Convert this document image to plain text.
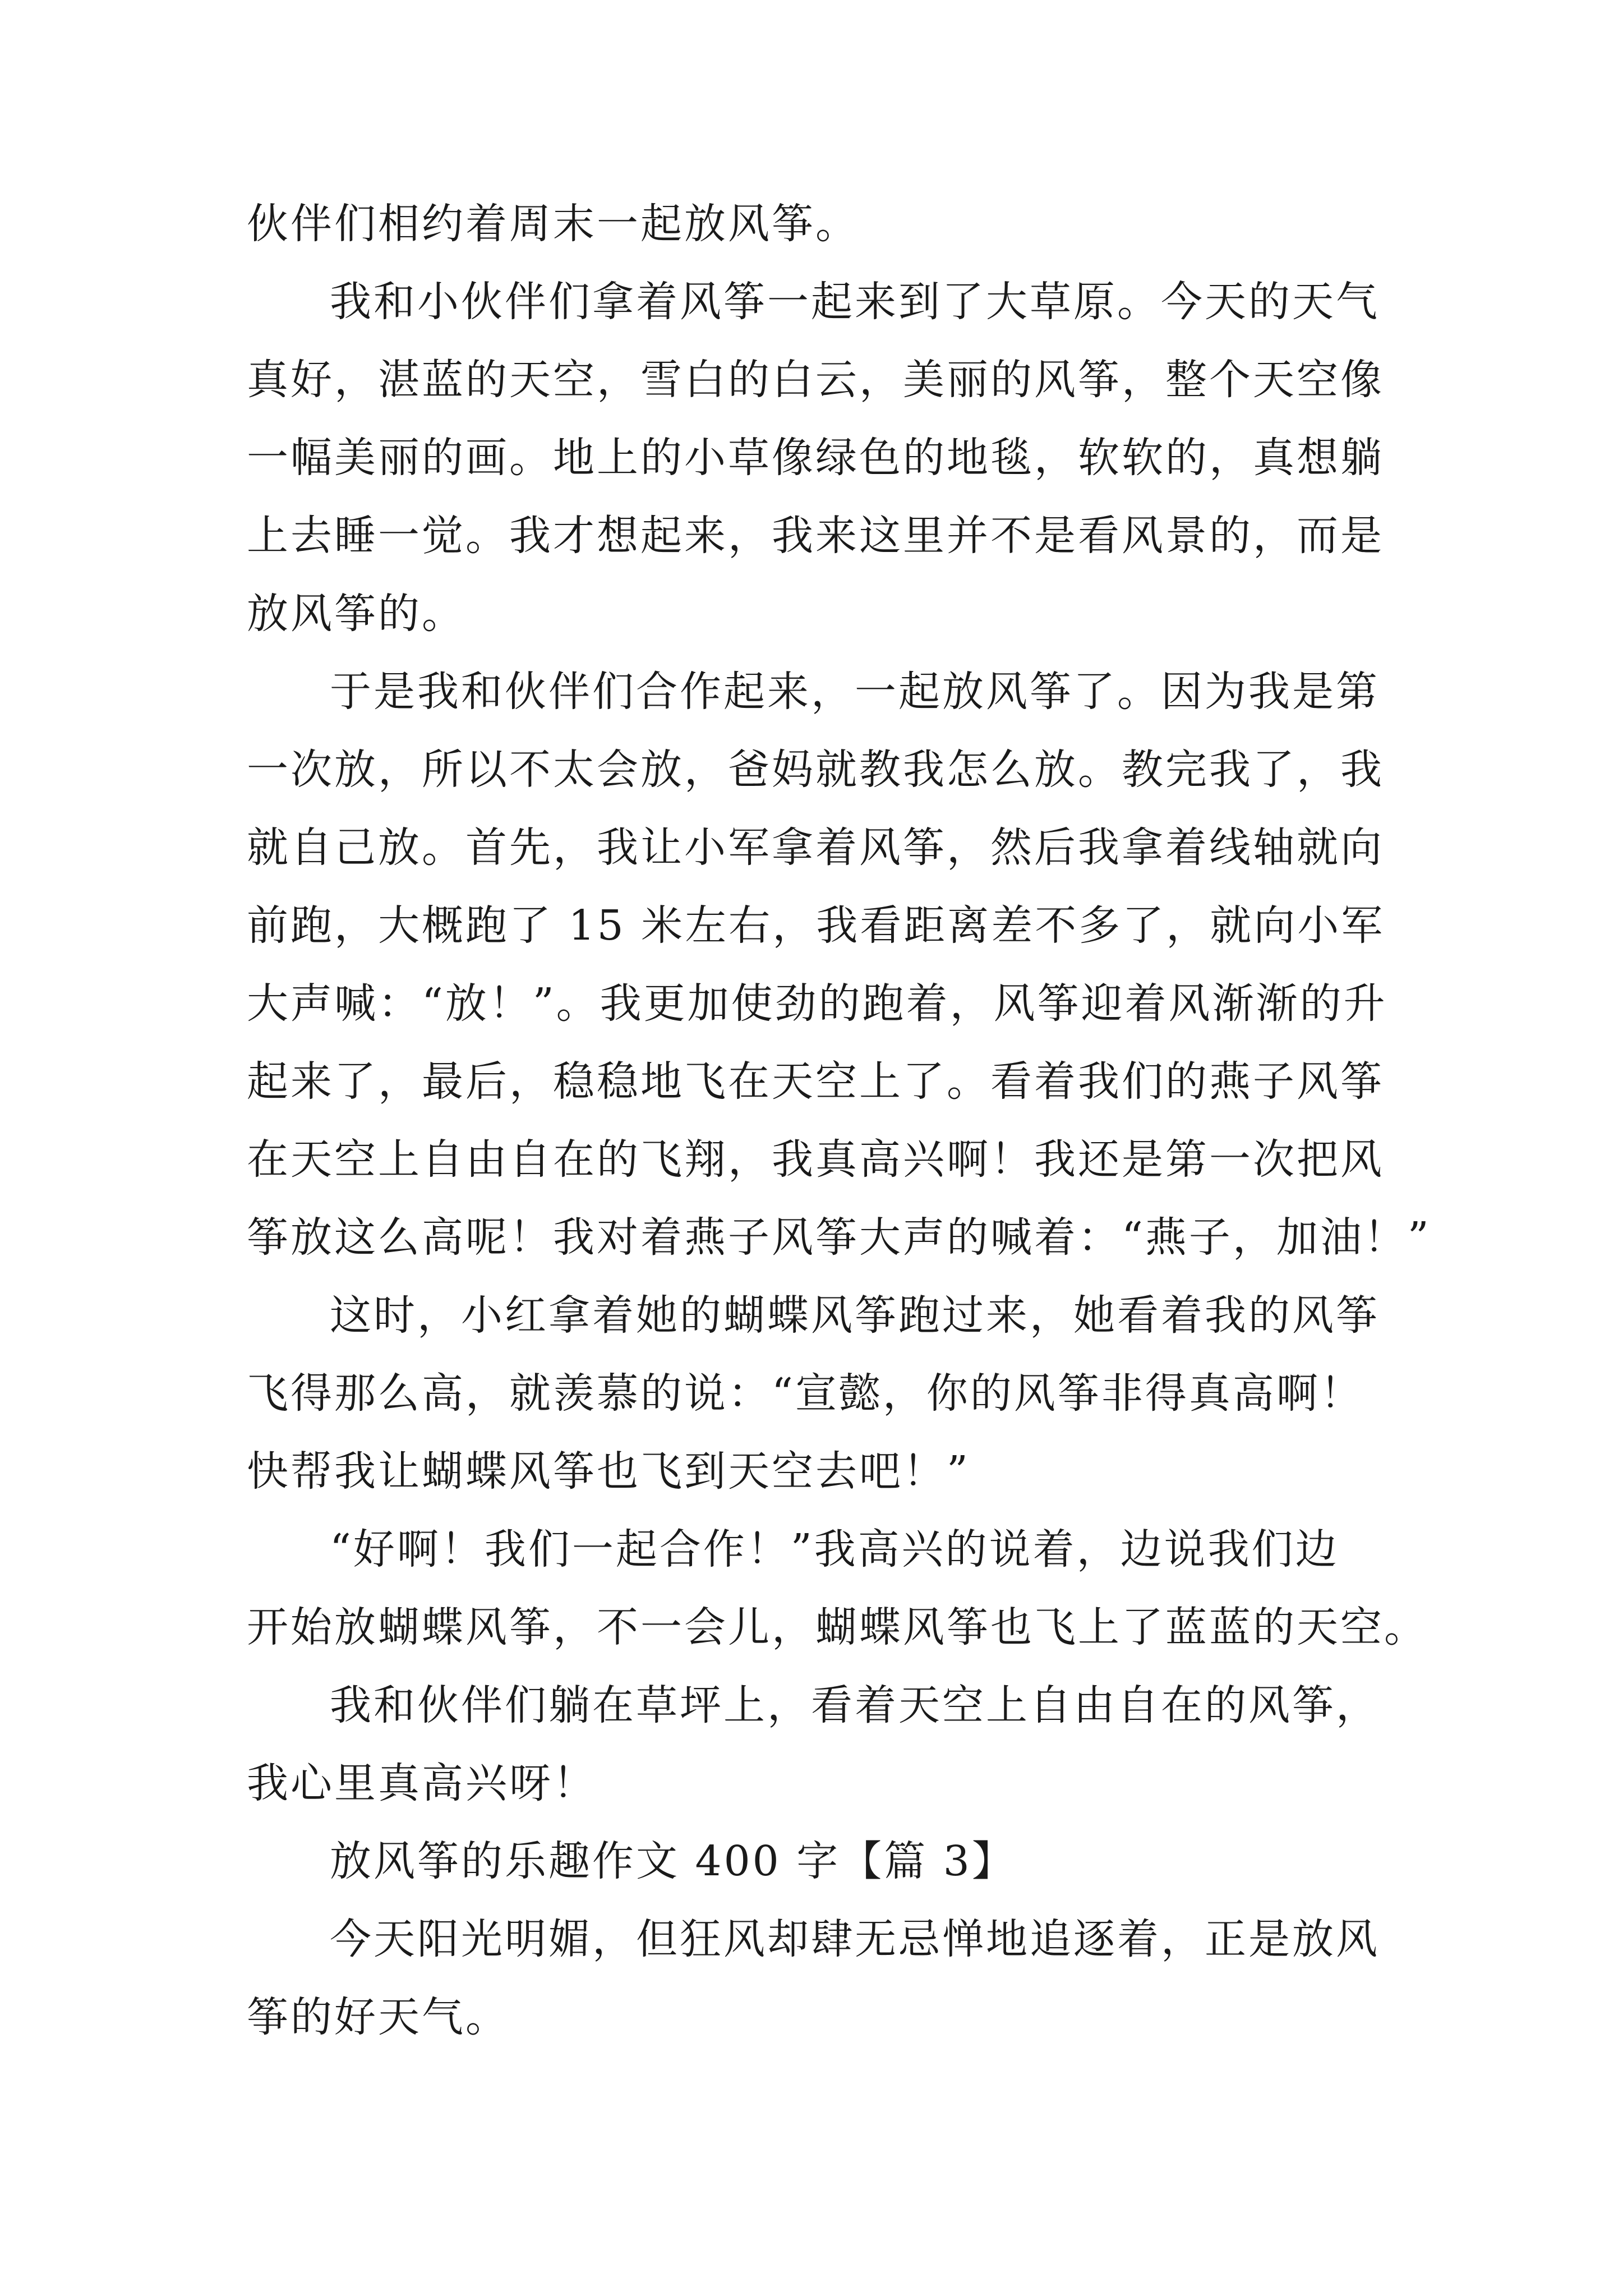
伙伴们相约着周末一起放风筝。
我和小伙伴们拿着风筝一起来到了大草原。今天的天气
真好，湛蓝的天空，雪白的白云，美丽的风筝，整个天空像
一幅美丽的画。地上的小草像绿色的地毯，软软的，真想躺
上去睡一觉。我才想起来，我来这里并不是看风景的，而是
放风筝的。
于是我和伙伴们合作起来，一起放风筝了。因为我是第
一次放，所以不太会放，爸妈就教我怎么放。教完我了，我
就自己放。首先，我让小军拿着风筝，然后我拿着线轴就向
前跑，大概跑了 15 米左右，我看距离差不多了，就向小军
大声喊：“放！”。我更加使劲的跑着，风筝迎着风渐渐的升
起来了，最后，稳稳地飞在天空上了。看着我们的燕子风筝
在天空上自由自在的飞翔，我真高兴啊！我还是第一次把风
筝放这么高呢！我对着燕子风筝大声的喊着：“燕子，加油！”
这时，小红拿着她的蝴蝶风筝跑过来，她看着我的风筝
飞得那么高，就羡慕的说：“宣懿，你的风筝非得真高啊！
快帮我让蝴蝶风筝也飞到天空去吧！”
“好啊！我们一起合作！”我高兴的说着，边说我们边
开始放蝴蝶风筝，不一会儿，蝴蝶风筝也飞上了蓝蓝的天空。
我和伙伴们躺在草坪上，看着天空上自由自在的风筝，
我心里真高兴呀！
放风筝的乐趣作文 400 字【篇 3】
今天阳光明媚，但狂风却肆无忌惮地追逐着，正是放风
筝的好天气。
